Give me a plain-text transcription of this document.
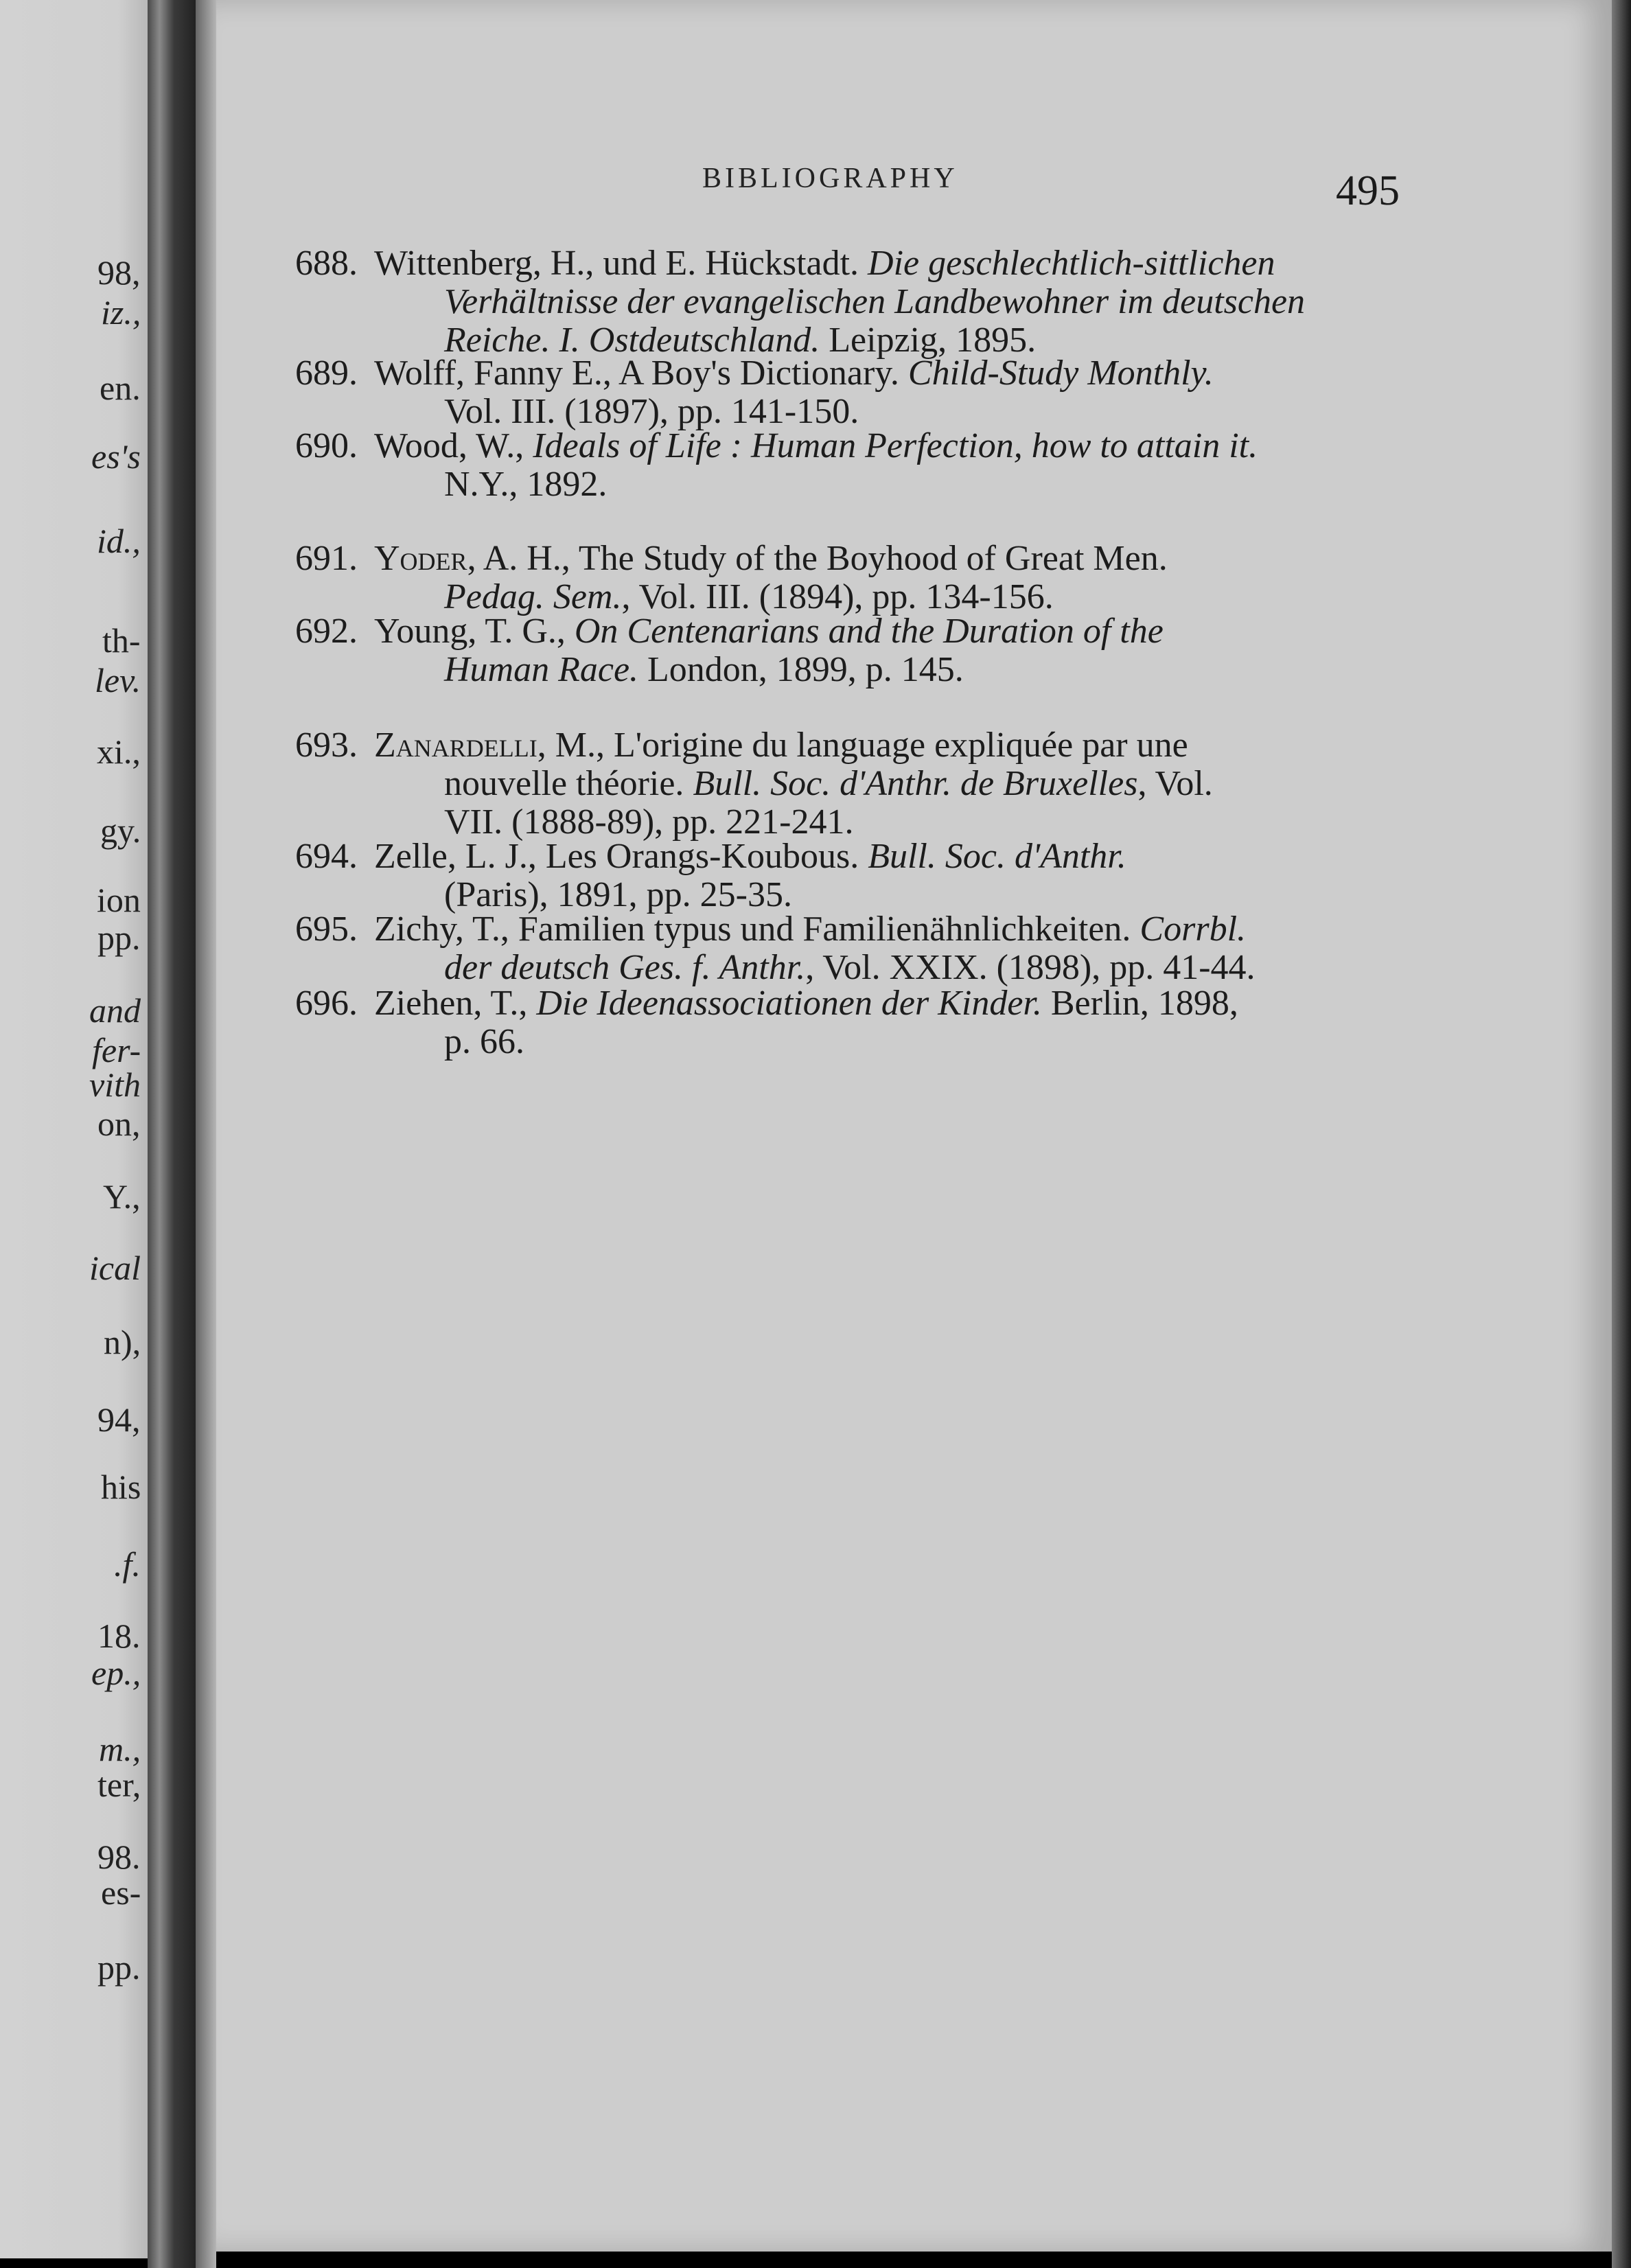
98,
iz.,
en.
es's
id.,
th-
lev.
xi.,
gy.
ion
pp.
and
fer-
vith
on,
Y.,
ical
n),
94,
his
.f.
18.
ep.,
m.,
ter,
98.
es-
pp.
BIBLIOGRAPHY	495
688. Wittenberg, H., und E. Hückstadt. Die geschlechtlich-sittlichen
Verhältnisse der evangelischen Landbewohner im deutschen
Reiche. I. Ostdeutschland. Leipzig, 1895.
689. Wolff, Fanny E., A Boy's Dictionary. Child-Study Monthly.
Vol. III. (1897), pp. 141-150.
690. Wood, W., Ideals of Life : Human Perfection, how to attain it.
N.Y., 1892.
691. Yoder, A. H., The Study of the Boyhood of Great Men.
Pedag. Sem., Vol. III. (1894), pp. 134-156.
692. Young, T. G., On Centenarians and the Duration of the
Human Race. London, 1899, p. 145.
693. Zanardelli, M., L'origine du language expliquée par une
nouvelle théorie. Bull. Soc. d'Anthr. de Bruxelles, Vol.
VII. (1888-89), pp. 221-241.
694. Zelle, L. J., Les Orangs-Koubous. Bull. Soc. d'Anthr.
(Paris), 1891, pp. 25-35.
695. Zichy, T., Familien typus und Familienähnlichkeiten. Corrbl.
der deutsch Ges. f. Anthr., Vol. XXIX. (1898), pp. 41-44.
696. Ziehen, T., Die Ideenassociationen der Kinder. Berlin, 1898,
p. 66.
